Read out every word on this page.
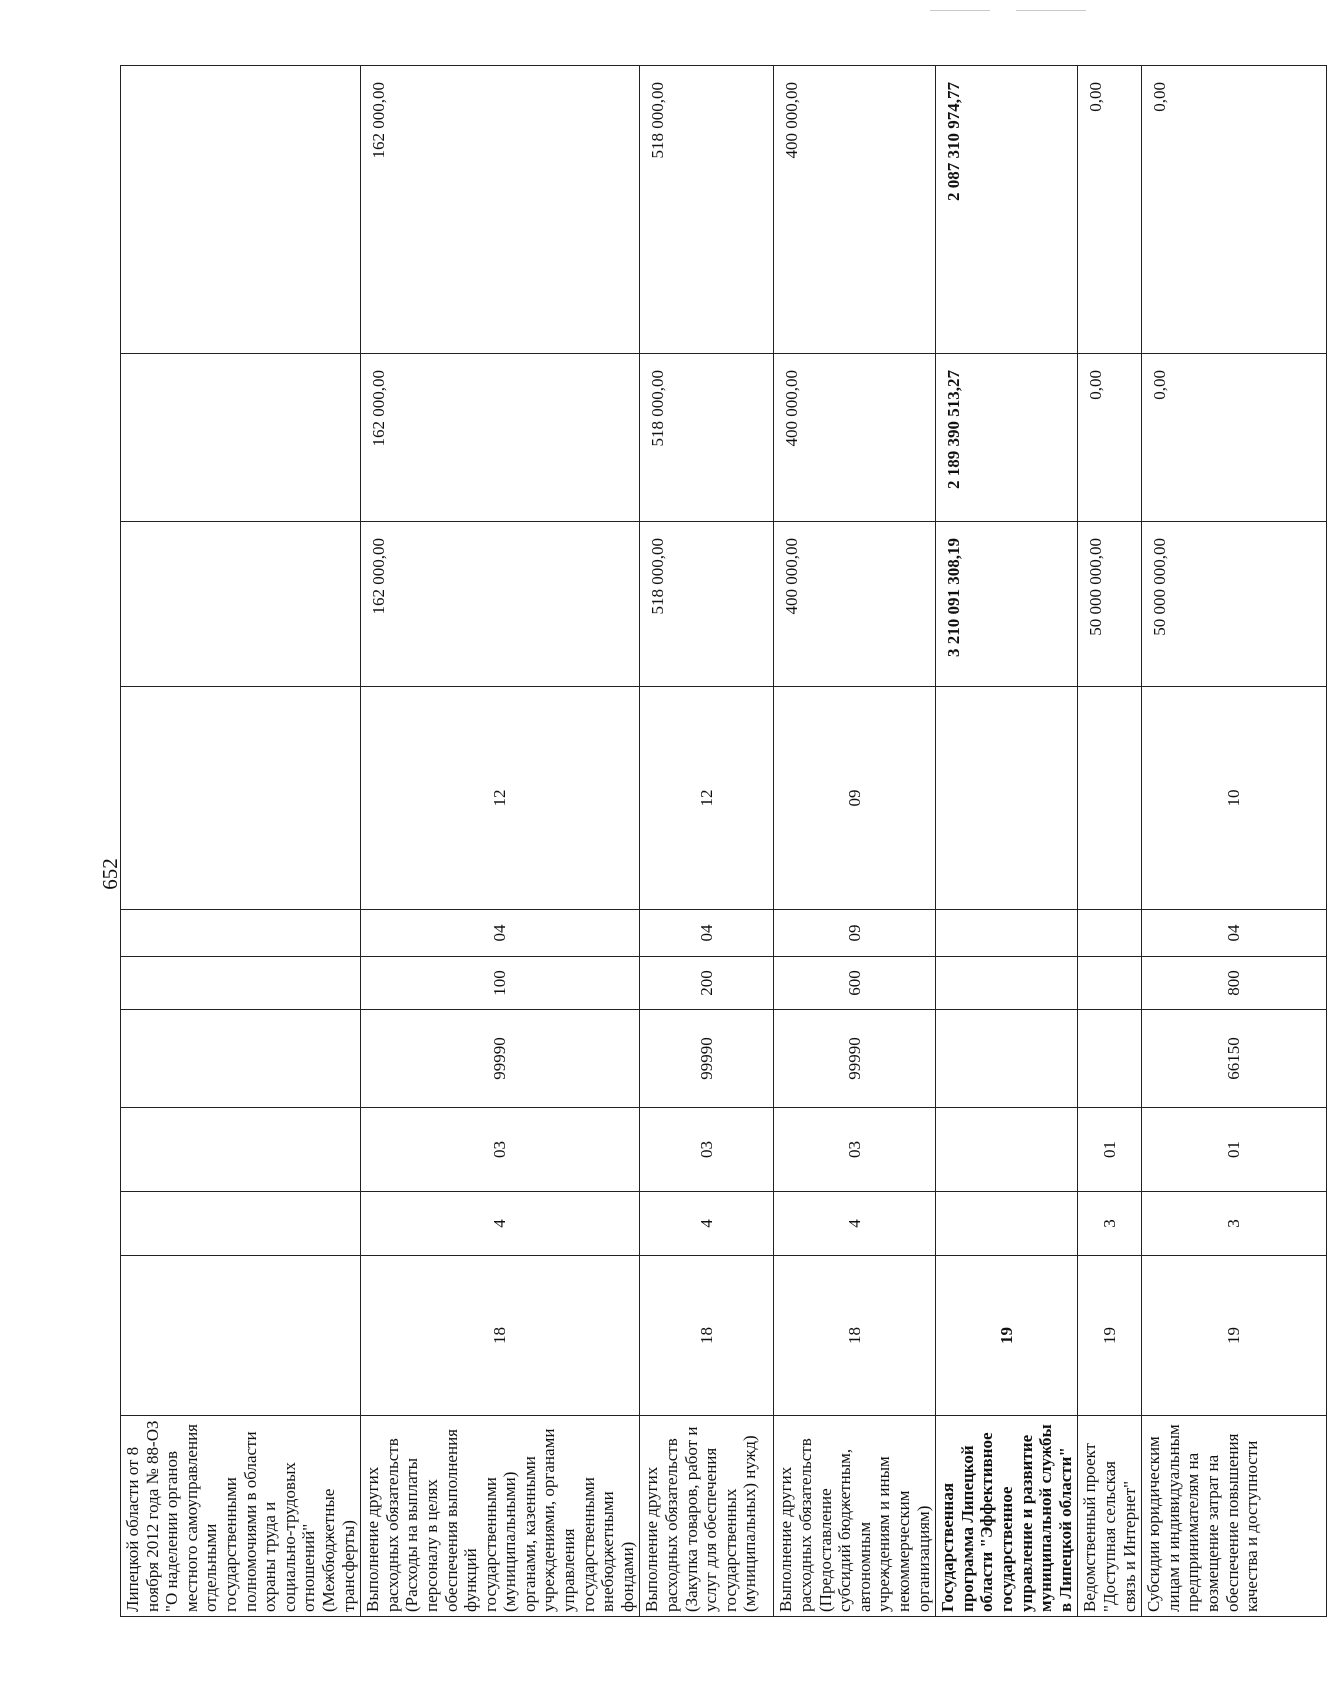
652
Липецкой области от 8 ноября 2012 года № 88-ОЗ "О наделении органов местного самоуправления отдельными государственными полномочиями в области охраны труда и социально-трудовых отношений" (Межбюджетные трансферты)										
Выполнение других расходных обязательств (Расходы на выплаты персоналу в целях обеспечения выполнения функций государственными (муниципальными) органами, казенными учреждениями, органами управления государственными внебюджетными фондами)	18	4	03	99990	100	04	12	162 000,00	162 000,00	162 000,00
Выполнение других расходных обязательств (Закупка товаров, работ и услуг для обеспечения государственных (муниципальных) нужд)	18	4	03	99990	200	04	12	518 000,00	518 000,00	518 000,00
Выполнение других расходных обязательств (Предоставление субсидий бюджетным, автономным учреждениям и иным некоммерческим организациям)	18	4	03	99990	600	09	09	400 000,00	400 000,00	400 000,00
Государственная программа Липецкой области "Эффективное государственное управление и развитие муниципальной службы в Липецкой области"	19							3 210 091 308,19	2 189 390 513,27	2 087 310 974,77
Ведомственный проект "Доступная сельская связь и Интернет"	19	3	01					50 000 000,00	0,00	0,00
Субсидии юридическим лицам и индивидуальным предпринимателям на возмещение затрат на обеспечение повышения качества и доступности	19	3	01	66150	800	04	10	50 000 000,00	0,00	0,00
